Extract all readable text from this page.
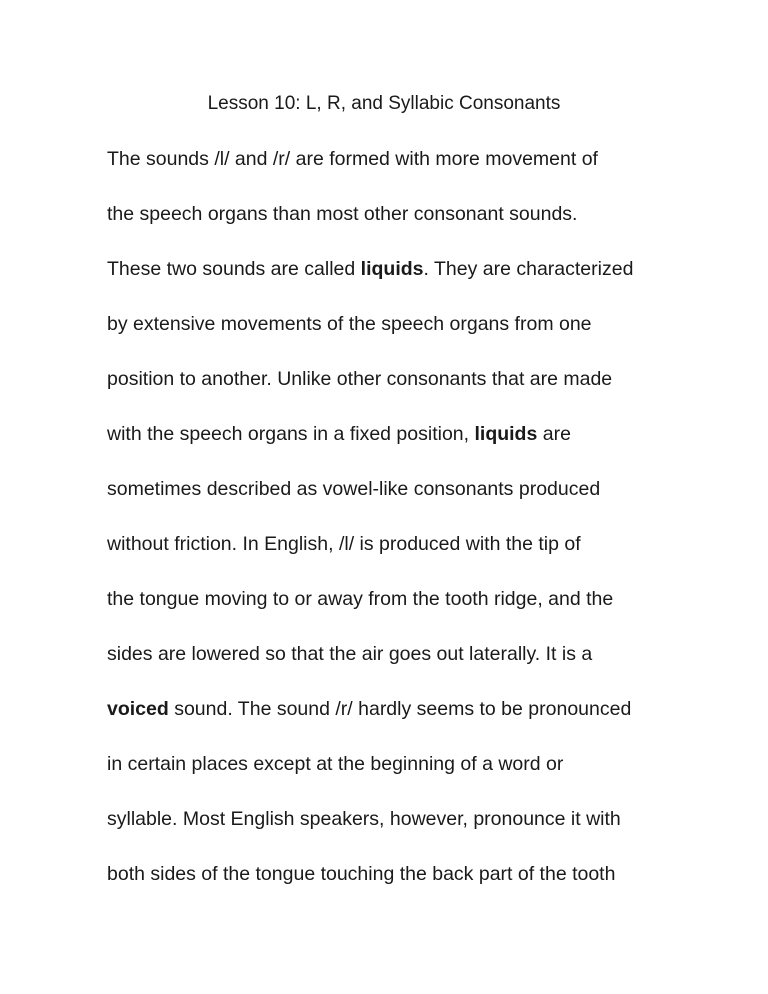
Lesson 10: L, R, and Syllabic Consonants
The sounds /l/ and /r/ are formed with more movement of
the speech organs than most other consonant sounds.
These two sounds are called liquids. They are characterized
by extensive movements of the speech organs from one
position to another. Unlike other consonants that are made
with the speech organs in a fixed position, liquids are
sometimes described as vowel-like consonants produced
without friction. In English, /l/ is produced with the tip of
the tongue moving to or away from the tooth ridge, and the
sides are lowered so that the air goes out laterally. It is a
voiced sound. The sound /r/ hardly seems to be pronounced
in certain places except at the beginning of a word or
syllable. Most English speakers, however, pronounce it with
both sides of the tongue touching the back part of the tooth
